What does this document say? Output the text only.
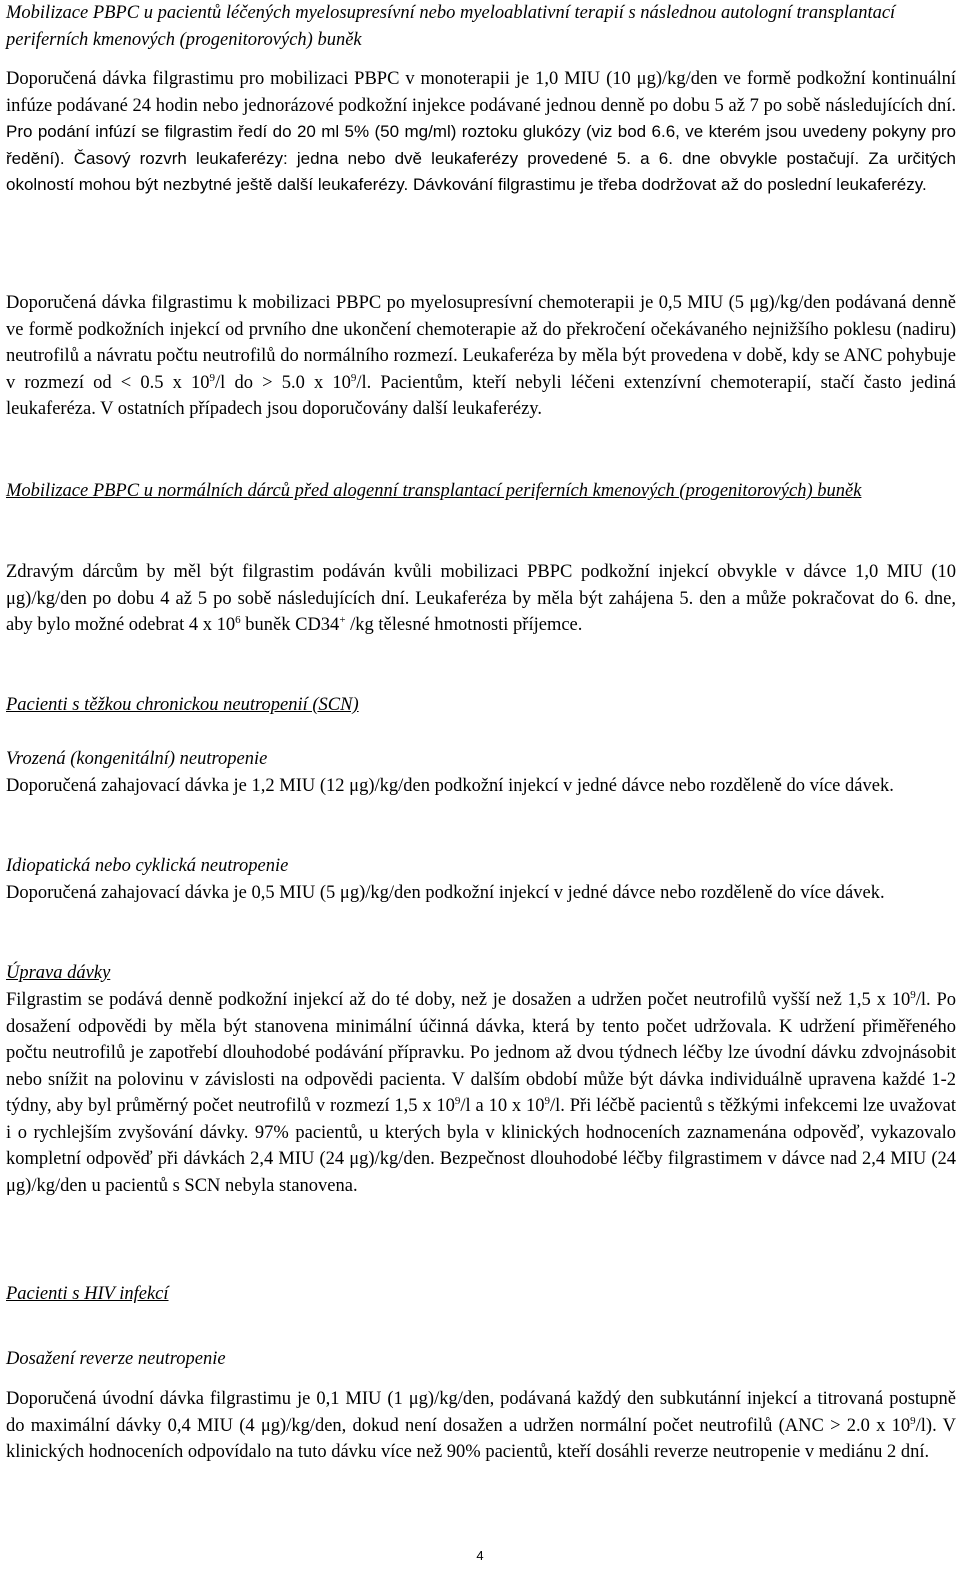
Mobilizace PBPC u pacientů léčených myelosupresívní nebo myeloablativní terapií s následnou autologní transplantací periferních kmenových (progenitorových) buněk

Doporučená dávka filgrastimu pro mobilizaci PBPC v monoterapii je 1,0 MIU (10 μg)/kg/den ve formě podkožní kontinuální infúze podávané 24 hodin nebo jednorázové podkožní injekce podávané jednou denně po dobu 5 až 7 po sobě následujících dní. Pro podání infúzí se filgrastim ředí do 20 ml 5% (50 mg/ml) roztoku glukózy (viz bod 6.6, ve kterém jsou uvedeny pokyny pro ředění). Časový rozvrh leukaferézy: jedna nebo dvě leukaferézy provedené 5. a 6. dne obvykle postačují. Za určitých okolností mohou být nezbytné ještě další leukaferézy. Dávkování filgrastimu je třeba dodržovat až do poslední leukaferézy.

Doporučená dávka filgrastimu k mobilizaci PBPC po myelosupresívní chemoterapii je 0,5 MIU (5 μg)/kg/den podávaná denně ve formě podkožních injekcí od prvního dne ukončení chemoterapie až do překročení očekávaného nejnižšího poklesu (nadiru) neutrofilů a návratu počtu neutrofilů do normálního rozmezí. Leukaferéza by měla být provedena v době, kdy se ANC pohybuje v rozmezí od < 0.5 x $10^9/l$ do > 5.0 x $10^9/l$. Pacientům, kteří nebyli léčeni extenzívní chemoterapií, stačí často jediná leukaferéza. V ostatních případech jsou doporučovány další leukaferézy.

Mobilizace PBPC u normálních dárců před alogenní transplantací periferních kmenových (progenitorových) buněk

Zdravým dárcům by měl být filgrastim podáván kvůli mobilizaci PBPC podkožní injekcí obvykle v dávce 1,0 MIU (10 μg)/kg/den po dobu 4 až 5 po sobě následujících dní. Leukaferéza by měla být zahájena 5. den a může pokračovat do 6. dne, aby bylo možné odebrat 4 x $10^6$ buněk CD34+ /kg tělesné hmotnosti příjemce.

Pacienti s těžkou chronickou neutropenií (SCN)

Vrozená (kongenitální) neutropenie

Doporučená zahajovací dávka je 1,2 MIU (12 μg)/kg/den podkožní injekcí v jedné dávce nebo rozděleně do více dávek.

Idiopatická nebo cyklická neutropenie

Doporučená zahajovací dávka je 0,5 MIU (5 μg)/kg/den podkožní injekcí v jedné dávce nebo rozděleně do více dávek.

Úprava dávky

Filgrastim se podává denně podkožní injekcí až do té doby, než je dosažen a udržen počet neutrofilů vyšší než 1,5 x $10^9/l$. Po dosažení odpovědi by měla být stanovena minimální účinná dávka, která by tento počet udržovala. K udržení přiměřeného počtu neutrofilů je zapotřebí dlouhodobé podávání přípravku. Po jednom až dvou týdnech léčby lze úvodní dávku zdvojnásobit nebo snížit na polovinu v závislosti na odpovědi pacienta. V dalším období může být dávka individuálně upravena každé 1-2 týdny, aby byl průměrný počet neutrofilů v rozmezí 1,5 x $10^9/l$ a 10 x $10^9/l$. Při léčbě pacientů s těžkými infekcemi lze uvažovat i o rychlejším zvyšování dávky. 97% pacientů, u kterých byla v klinických hodnoceních zaznamenána odpověď, vykazovalo kompletní odpověď při dávkách 2,4 MIU (24 μg)/kg/den. Bezpečnost dlouhodobé léčby filgrastimem v dávce nad 2,4 MIU (24 μg)/kg/den u pacientů s SCN nebyla stanovena.

Pacienti s HIV infekcí

Dosažení reverze neutropenie

Doporučená úvodní dávka filgrastimu je 0,1 MIU (1 μg)/kg/den, podávaná každý den subkutánní injekcí a titrovaná postupně do maximální dávky 0,4 MIU (4 μg)/kg/den, dokud není dosažen a udržen normální počet neutrofilů (ANC > 2.0 x $10^9/l$). V klinických hodnoceních odpovídalo na tuto dávku více než 90% pacientů, kteří dosáhli reverze neutropenie v mediánu 2 dní.

4
